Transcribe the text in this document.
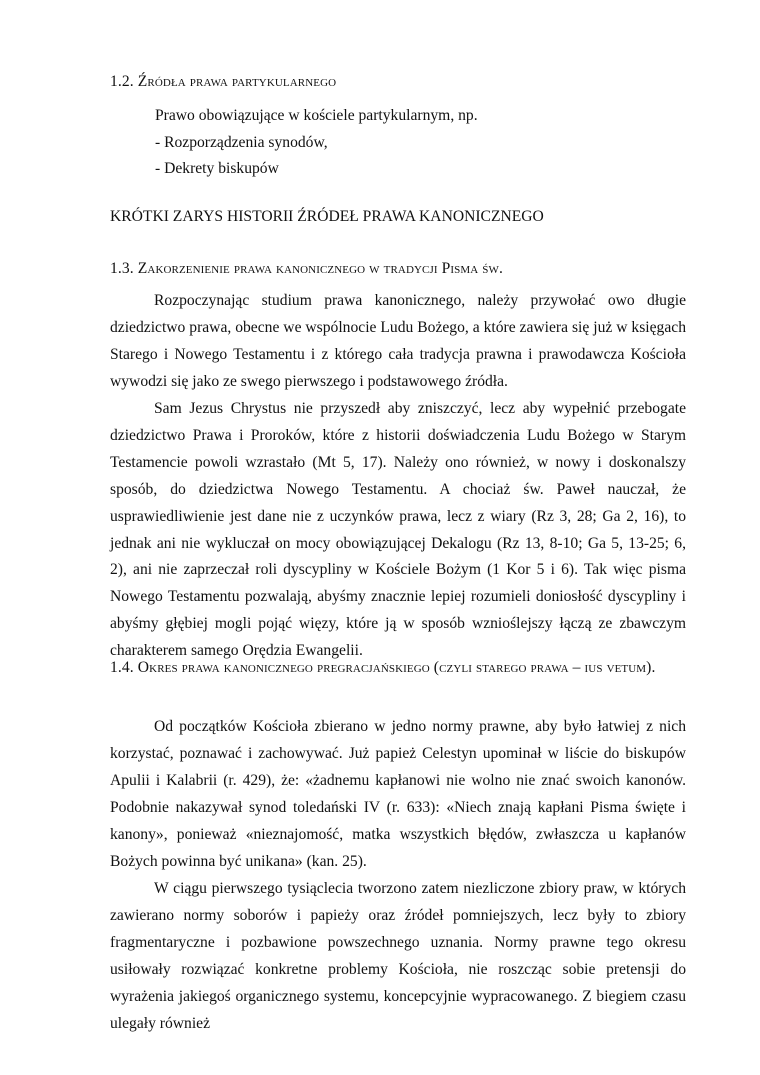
1.2. Źródła prawa partykularnego

Prawo obowiązujące w kościele partykularnym, np.

- Rozporządzenia synodów,

- Dekrety biskupów

KRÓTKI ZARYS HISTORII ŹRÓDEŁ PRAWA KANONICZNEGO

1.3. Zakorzenienie prawa kanonicznego w tradycji Pisma św.

Rozpoczynając studium prawa kanonicznego, należy przywołać owo długie dziedzictwo prawa, obecne we wspólnocie Ludu Bożego, a które zawiera się już w księgach Starego i Nowego Testamentu i z którego cała tradycja prawna i prawodawcza Kościoła wywodzi się jako ze swego pierwszego i podstawowego źródła.

Sam Jezus Chrystus nie przyszedł aby zniszczyć, lecz aby wypełnić przebogate dziedzictwo Prawa i Proroków, które z historii doświadczenia Ludu Bożego w Starym Testamencie powoli wzrastało (Mt 5, 17). Należy ono również, w nowy i doskonalszy sposób, do dziedzictwa Nowego Testamentu. A chociaż św. Paweł nauczał, że usprawiedliwienie jest dane nie z uczynków prawa, lecz z wiary (Rz 3, 28; Ga 2, 16), to jednak ani nie wykluczał on mocy obowiązującej Dekalogu (Rz 13, 8-10; Ga 5, 13-25; 6, 2), ani nie zaprzeczał roli dyscypliny w Kościele Bożym (1 Kor 5 i 6). Tak więc pisma Nowego Testamentu pozwalają, abyśmy znacznie lepiej rozumieli doniosłość dyscypliny i abyśmy głębiej mogli pojąć więzy, które ją w sposób wznioślejszy łączą ze zbawczym charakterem samego Orędzia Ewangelii.

1.4. Okres prawa kanonicznego pregracjańskiego (czyli starego prawa – ius vetum).

Od początków Kościoła zbierano w jedno normy prawne, aby było łatwiej z nich korzystać, poznawać i zachowywać. Już papież Celestyn upominał w liście do biskupów Apulii i Kalabrii (r. 429), że: «żadnemu kapłanowi nie wolno nie znać swoich kanonów. Podobnie nakazywał synod toledański IV (r. 633): «Niech znają kapłani Pisma święte i kanony», ponieważ «nieznajomość, matka wszystkich błędów, zwłaszcza u kapłanów Bożych powinna być unikana» (kan. 25).

W ciągu pierwszego tysiąclecia tworzono zatem niezliczone zbiory praw, w których zawierano normy soborów i papieży oraz źródeł pomniejszych, lecz były to zbiory fragmentaryczne i pozbawione powszechnego uznania. Normy prawne tego okresu usiłowały rozwiązać konkretne problemy Kościoła, nie roszcząc sobie pretensji do wyrażenia jakiegoś organicznego systemu, koncepcyjnie wypracowanego. Z biegiem czasu ulegały również
